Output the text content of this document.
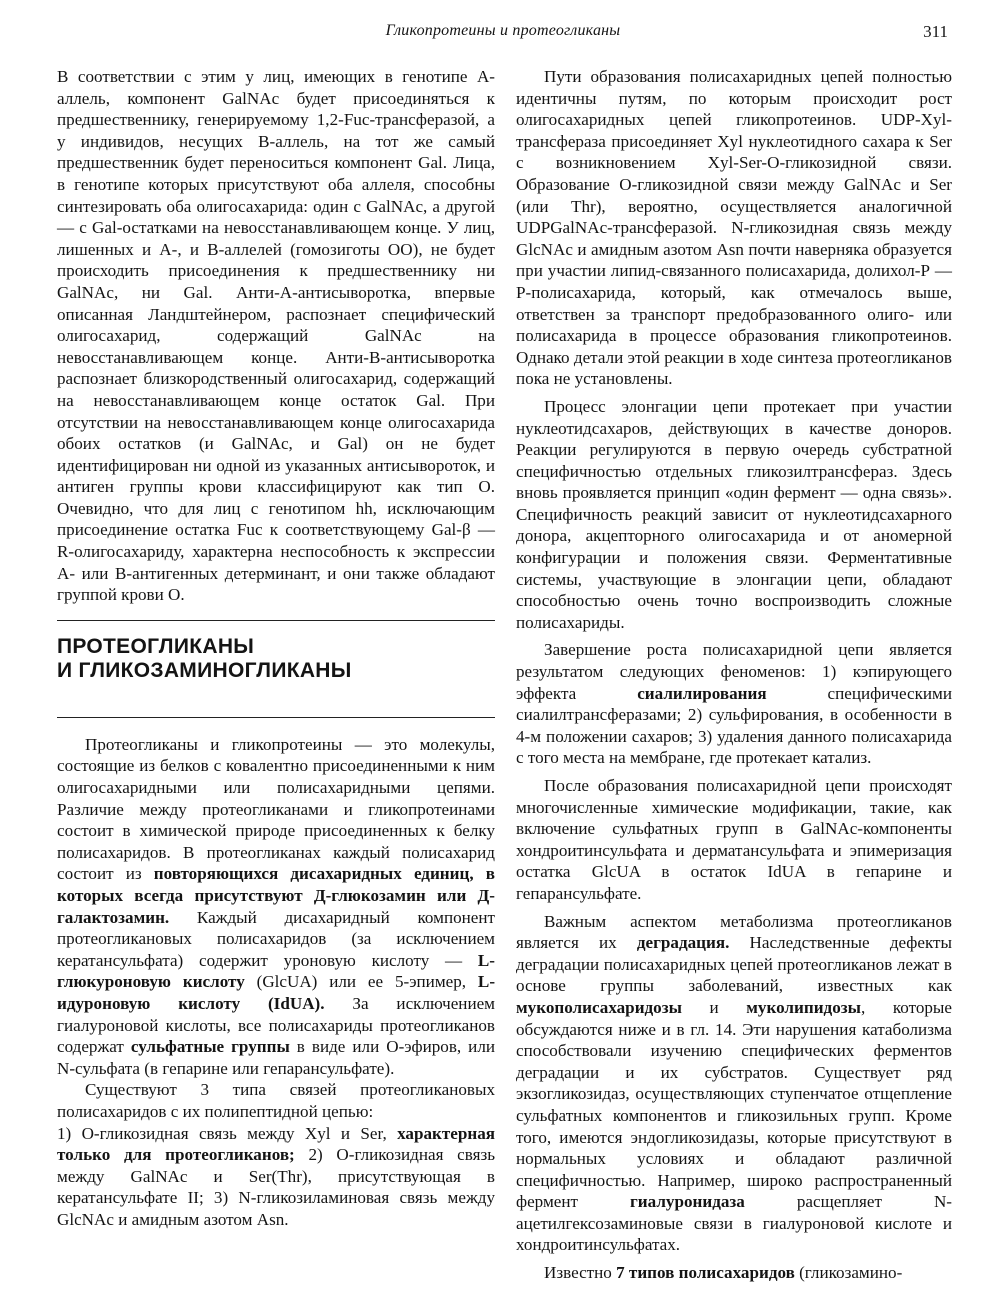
Гликопротеины и протеогликаны	311

В соответствии с этим у лиц, имеющих в генотипе А-аллель, компонент GalNAc будет присоединяться к предшественнику, генерируемому 1,2-Fuc-трансферазой, а у индивидов, несущих В-аллель, на тот же самый предшественник будет переноситься компонент Gal. Лица, в генотипе которых присутствуют оба аллеля, способны синтезировать оба олигосахарида: один с GalNAc, а другой — с Gal-остатками на невосстанавливающем конце. У лиц, лишенных и А-, и В-аллелей (гомозиготы OO), не будет происходить присоединения к предшественнику ни GalNAc, ни Gal. Анти-А-антисыворотка, впервые описанная Ландштейнером, распознает специфический олигосахарид, содержащий GalNAc на невосстанавливающем конце. Анти-В-антисыворотка распознает близкородственный олигосахарид, содержащий на невосстанавливающем конце остаток Gal. При отсутствии на невосстанавливающем конце олигосахарида обоих остатков (и GalNAc, и Gal) он не будет идентифицирован ни одной из указанных антисывороток, и антиген группы крови классифицируют как тип О. Очевидно, что для лиц с генотипом hh, исключающим присоединение остатка Fuc к соответствующему Gal-β — R-олигосахариду, характерна неспособность к экспрессии А- или В-антигенных детерминант, и они также обладают группой крови О.

ПРОТЕОГЛИКАНЫ
И ГЛИКОЗАМИНОГЛИКАНЫ

Протеогликаны и гликопротеины — это молекулы, состоящие из белков с ковалентно присоединенными к ним олигосахаридными или полисахаридными цепями. Различие между протеогликанами и гликопротеинами состоит в химической природе присоединенных к белку полисахаридов. В протеогликанах каждый полисахарид состоит из повторяющихся дисахаридных единиц, в которых всегда присутствуют Д-глюкозамин или Д-галактозамин. Каждый дисахаридный компонент протеогликановых полисахаридов (за исключением кератансульфата) содержит уроновую кислоту — L-глюкуроновую кислоту (GlcUA) или ее 5-эпимер, L-идуроновую кислоту (IdUA). За исключением гиалуроновой кислоты, все полисахариды протеогликанов содержат сульфатные группы в виде или О-эфиров, или N-сульфата (в гепарине или гепарансульфате).

Существуют 3 типа связей протеогликановых полисахаридов с их полипептидной цепью:

1) О-гликозидная связь между Xyl и Ser, характерная только для протеогликанов; 2) О-гликозидная связь между GalNAc и Ser(Thr), присутствующая в кератансульфате II; 3) N-гликозиламиновая связь между GlcNAc и амидным азотом Asn.

Пути образования полисахаридных цепей полностью идентичны путям, по которым происходит рост олигосахаридных цепей гликопротеинов. UDP-Xyl-трансфераза присоединяет Xyl нуклеотидного сахара к Ser с возникновением Xyl-Ser-О-гликозидной связи. Образование О-гликозидной связи между GalNAc и Ser (или Thr), вероятно, осуществляется аналогичной UDPGalNAc-трансферазой. N-гликозидная связь между GlcNAc и амидным азотом Asn почти наверняка образуется при участии липид-связанного полисахарида, долихол-Р — Р-полисахарида, который, как отмечалось выше, ответствен за транспорт предобразованного олиго- или полисахарида в процессе образования гликопротеинов. Однако детали этой реакции в ходе синтеза протеогликанов пока не установлены.

Процесс элонгации цепи протекает при участии нуклеотидсахаров, действующих в качестве доноров. Реакции регулируются в первую очередь субстратной специфичностью отдельных гликозилтрансфераз. Здесь вновь проявляется принцип «один фермент — одна связь». Специфичность реакций зависит от нуклеотидсахарного донора, акцепторного олигосахарида и от аномерной конфигурации и положения связи. Ферментативные системы, участвующие в элонгации цепи, обладают способностью очень точно воспроизводить сложные полисахариды.

Завершение роста полисахаридной цепи является результатом следующих феноменов: 1) кэпирующего эффекта сиалилирования специфическими сиалилтрансферазами; 2) сульфирования, в особенности в 4-м положении сахаров; 3) удаления данного полисахарида с того места на мембране, где протекает катализ.

После образования полисахаридной цепи происходят многочисленные химические модификации, такие, как включение сульфатных групп в GalNAc-компоненты хондроитинсульфата и дерматансульфата и эпимеризация остатка GlcUA в остаток IdUA в гепарине и гепарансульфате.

Важным аспектом метаболизма протеогликанов является их деградация. Наследственные дефекты деградации полисахаридных цепей протеогликанов лежат в основе группы заболеваний, известных как мукополисахаридозы и муколипидозы, которые обсуждаются ниже и в гл. 14. Эти нарушения катаболизма способствовали изучению специфических ферментов деградации и их субстратов. Существует ряд экзогликозидаз, осуществляющих ступенчатое отщепление сульфатных компонентов и гликозильных групп. Кроме того, имеются эндогликозидазы, которые присутствуют в нормальных условиях и обладают различной специфичностью. Например, широко распространенный фермент гиалуронидаза расщепляет N-ацетилгексозаминовые связи в гиалуроновой кислоте и хондроитинсульфатах.

Известно 7 типов полисахаридов (гликозамино-
